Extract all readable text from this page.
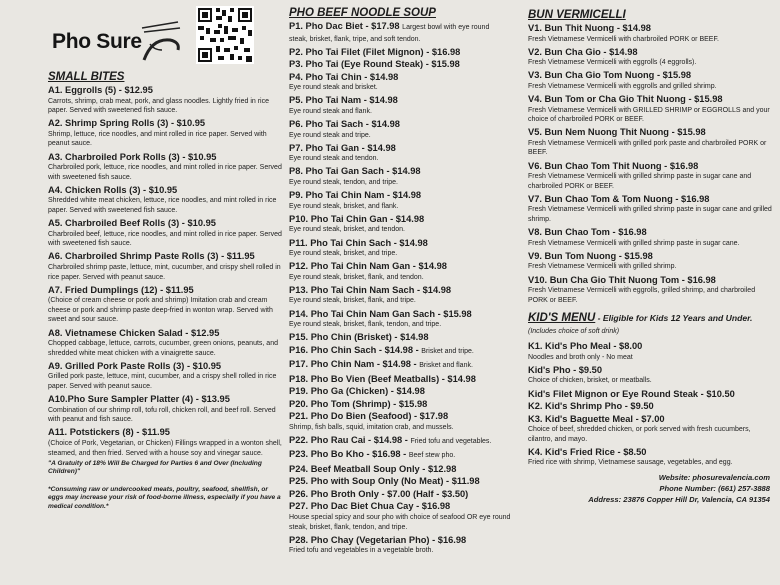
Pho Sure
SMALL BITES
A1. Eggrolls (5) - $12.95
Carrots, shrimp, crab meat, pork, and glass noodles. Lightly fried in rice paper. Served with sweetened fish sauce.
A2. Shrimp Spring Rolls (3) - $10.95
Shrimp, lettuce, rice noodles, and mint rolled in rice paper. Served with peanut sauce.
A3. Charbroiled Pork Rolls (3) - $10.95
Charbroiled pork, lettuce, rice noodles, and mint rolled in rice paper. Served with sweetened fish sauce.
A4. Chicken Rolls (3) - $10.95
Shredded white meat chicken, lettuce, rice noodles, and mint rolled in rice paper. Served with sweetened fish sauce.
A5. Charbroiled Beef Rolls (3) - $10.95
Charbroiled beef, lettuce, rice noodles, and mint rolled in rice paper. Served with sweetened fish sauce.
A6. Charbroiled Shrimp Paste Rolls (3) - $11.95
Charbroiled shrimp paste, lettuce, mint, cucumber, and crispy shell rolled in rice paper. Served with peanut sauce.
A7. Fried Dumplings (12) - $11.95
(Choice of cream cheese or pork and shrimp) Imitation crab and cream cheese or pork and shrimp paste deep-fried in wonton wrap. Served with sweet and sour sauce.
A8. Vietnamese Chicken Salad - $12.95
Chopped cabbage, lettuce, carrots, cucumber, green onions, peanuts, and shredded white meat chicken with a vinaigrette sauce.
A9. Grilled Pork Paste Rolls (3) - $10.95
Grilled pork paste, lettuce, mint, cucumber, and a crispy shell rolled in rice paper. Served with peanut sauce.
A10.Pho Sure Sampler Platter (4) - $13.95
Combination of our shrimp roll, tofu roll, chicken roll, and beef roll. Served with peanut and fish sauce.
A11. Potstickers (8) - $11.95
(Choice of Pork, Vegetarian, or Chicken) Fillings wrapped in a wonton shell, steamed, and then fried. Served with a house soy and vinegar sauce.
"A Gratuity of 18% Will Be Charged for Parties 6 and Over (Including Children)"
*Consuming raw or undercooked meats, poultry, seafood, shellfish, or eggs may increase your risk of food-borne illness, especially if you have a medical condition.*
PHO BEEF NOODLE SOUP
P1. Pho Dac Biet - $17.98 Largest bowl with eye round
steak, brisket, flank, tripe, and soft tendon.
P2. Pho Tai Filet (Filet Mignon) - $16.98
P3. Pho Tai (Eye Round Steak) - $15.98
P4. Pho Tai Chin - $14.98
Eye round steak and brisket.
P5. Pho Tai Nam - $14.98
Eye round steak and flank.
P6. Pho Tai Sach - $14.98
Eye round steak and tripe.
P7. Pho Tai Gan - $14.98
Eye round steak and tendon.
P8. Pho Tai Gan Sach - $14.98
Eye round steak, tendon, and tripe.
P9. Pho Tai Chin Nam - $14.98
Eye round steak, brisket, and flank.
P10. Pho Tai Chin Gan - $14.98
Eye round steak, brisket, and tendon.
P11. Pho Tai Chin Sach - $14.98
Eye round steak, brisket, and tripe.
P12. Pho Tai Chin Nam Gan - $14.98
Eye round steak, brisket, flank, and tendon.
P13. Pho Tai Chin Nam Sach - $14.98
Eye round steak, brisket, flank, and tripe.
P14. Pho Tai Chin Nam Gan Sach - $15.98
Eye round steak, brisket, flank, tendon, and tripe.
P15. Pho Chin (Brisket) - $14.98
P16. Pho Chin Sach - $14.98 - Brisket and tripe.
P17. Pho Chin Nam - $14.98 - Brisket and flank.
P18. Pho Bo Vien (Beef Meatballs) - $14.98
P19. Pho Ga (Chicken) - $14.98
P20. Pho Tom (Shrimp) - $15.98
P21. Pho Do Bien (Seafood) - $17.98
Shrimp, fish balls, squid, imitation crab, and mussels.
P22. Pho Rau Cai - $14.98 - Fried tofu and vegetables.
P23. Pho Bo Kho - $16.98 - Beef stew pho.
P24. Beef Meatball Soup Only - $12.98
P25. Pho with Soup Only (No Meat) - $11.98
P26. Pho Broth Only - $7.00 (Half - $3.50)
P27. Pho Dac Biet Chua Cay - $16.98
House special spicy and sour pho with choice of seafood OR eye round steak, brisket, flank, tendon, and tripe.
P28. Pho Chay (Vegetarian Pho) - $16.98
Fried tofu and vegetables in a vegetable broth.
BUN VERMICELLI
V1. Bun Thit Nuong - $14.98
Fresh Vietnamese Vermicelli with charbroiled PORK or BEEF.
V2. Bun Cha Gio - $14.98
Fresh Vietnamese Vermicelli with eggrolls (4 eggrolls).
V3. Bun Cha Gio Tom Nuong - $15.98
Fresh Vietnamese Vermicelli with eggrolls and grilled shrimp.
V4. Bun Tom or Cha Gio Thit Nuong - $15.98
Fresh Vietnamese Vermicelli with GRILLED SHRIMP or EGGROLLS and your choice of charbroiled PORK or BEEF.
V5. Bun Nem Nuong Thit Nuong - $15.98
Fresh Vietnamese Vermicelli with grilled pork paste and charbroiled PORK or BEEF.
V6. Bun Chao Tom Thit Nuong - $16.98
Fresh Vietnamese Vermicelli with grilled shrimp paste in sugar cane and charbroiled PORK or BEEF.
V7. Bun Chao Tom & Tom Nuong - $16.98
Fresh Vietnamese Vermicelli with grilled shrimp paste in sugar cane and grilled shrimp.
V8. Bun Chao Tom - $16.98
Fresh Vietnamese Vermicelli with grilled shrimp paste in sugar cane.
V9. Bun Tom Nuong - $15.98
Fresh Vietnamese Vermicelli with grilled shrimp.
V10. Bun Cha Gio Thit Nuong Tom - $16.98
Fresh Vietnamese Vermicelli with eggrolls, grilled shrimp, and charbroiled PORK or BEEF.
KID'S MENU - Eligible for Kids 12 Years and Under.
(Includes choice of soft drink)
K1. Kid's Pho Meal - $8.00
Noodles and broth only - No meat
Kid's Pho - $9.50
Choice of chicken, brisket, or meatballs.
Kid's Filet Mignon or Eye Round Steak - $10.50
K2. Kid's Shrimp Pho - $9.50
K3. Kid's Baguette Meal - $7.00
Choice of beef, shredded chicken, or pork served with fresh cucumbers, cilantro, and mayo.
K4. Kid's Fried Rice - $8.50
Fried rice with shrimp, Vietnamese sausage, vegetables, and egg.
Website: phosurevalencia.com
Phone Number: (661) 257-3888
Address: 23876 Copper Hill Dr, Valencia, CA 91354
